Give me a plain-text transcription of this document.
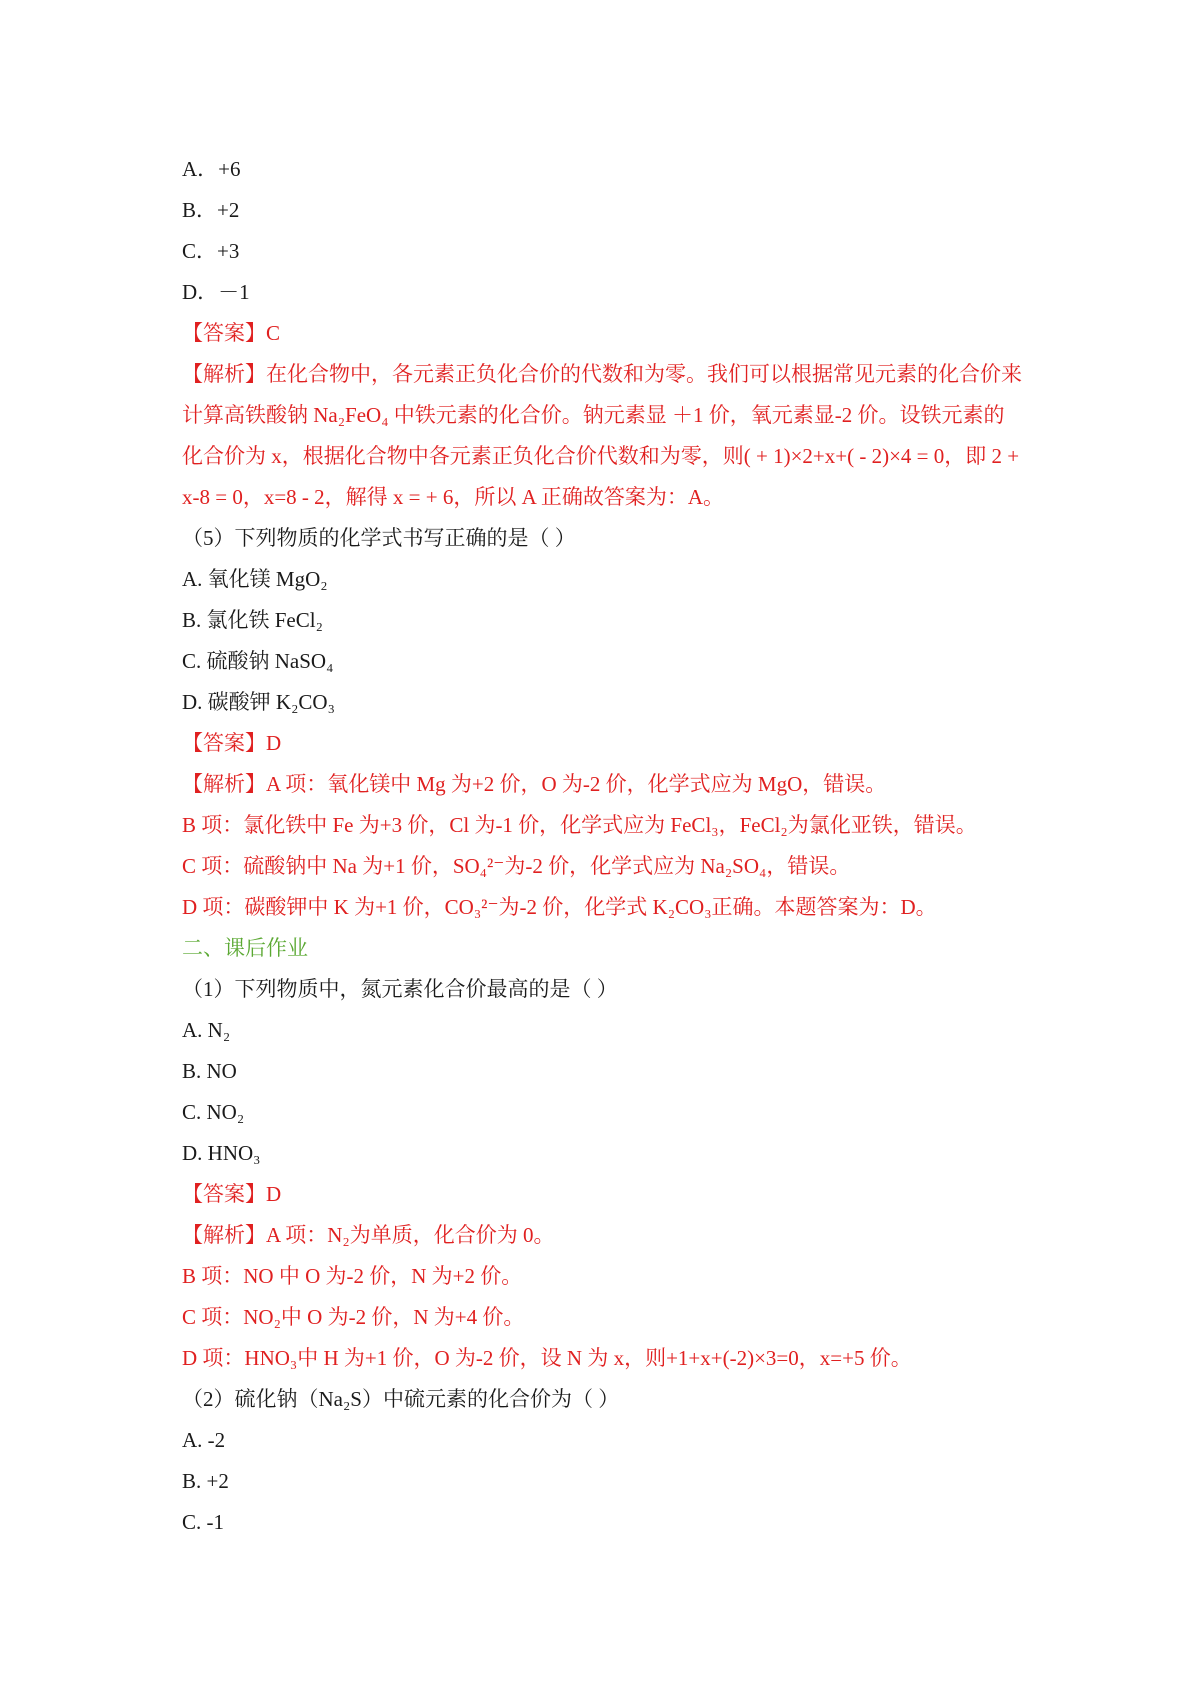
A．+6
B．+2
C．+3
D．－1
【答案】C
【解析】在化合物中，各元素正负化合价的代数和为零。我们可以根据常见元素的化合价来
计算高铁酸钠 Na₂FeO₄ 中铁元素的化合价。钠元素显 ＋1 价，氧元素显-2 价。设铁元素的
化合价为 x，根据化合物中各元素正负化合价代数和为零，则( + 1)×2+x+( - 2)×4 = 0，即 2 +
x-8 = 0，x=8 - 2，解得 x = + 6，所以 A 正确故答案为：A。
（5）下列物质的化学式书写正确的是（ ）
A. 氧化镁 MgO₂
B. 氯化铁 FeCl₂
C. 硫酸钠 NaSO₄
D. 碳酸钾 K₂CO₃
【答案】D
【解析】A 项：氧化镁中 Mg 为+2 价，O 为-2 价，化学式应为 MgO，错误。
B 项：氯化铁中 Fe 为+3 价，Cl 为-1 价，化学式应为 FeCl₃，FeCl₂为氯化亚铁，错误。
C 项：硫酸钠中 Na 为+1 价，SO₄²⁻为-2 价，化学式应为 Na₂SO₄，错误。
D 项：碳酸钾中 K 为+1 价，CO₃²⁻为-2 价，化学式 K₂CO₃正确。本题答案为：D。
二、课后作业
（1）下列物质中，氮元素化合价最高的是（ ）
A. N₂
B. NO
C. NO₂
D. HNO₃
【答案】D
【解析】A 项：N₂为单质，化合价为 0。
B 项：NO 中 O 为-2 价，N 为+2 价。
C 项：NO₂中 O 为-2 价，N 为+4 价。
D 项：HNO₃中 H 为+1 价，O 为-2 价，设 N 为 x，则+1+x+(-2)×3=0，x=+5 价。
（2）硫化钠（Na₂S）中硫元素的化合价为（ ）
A. -2
B. +2
C. -1
